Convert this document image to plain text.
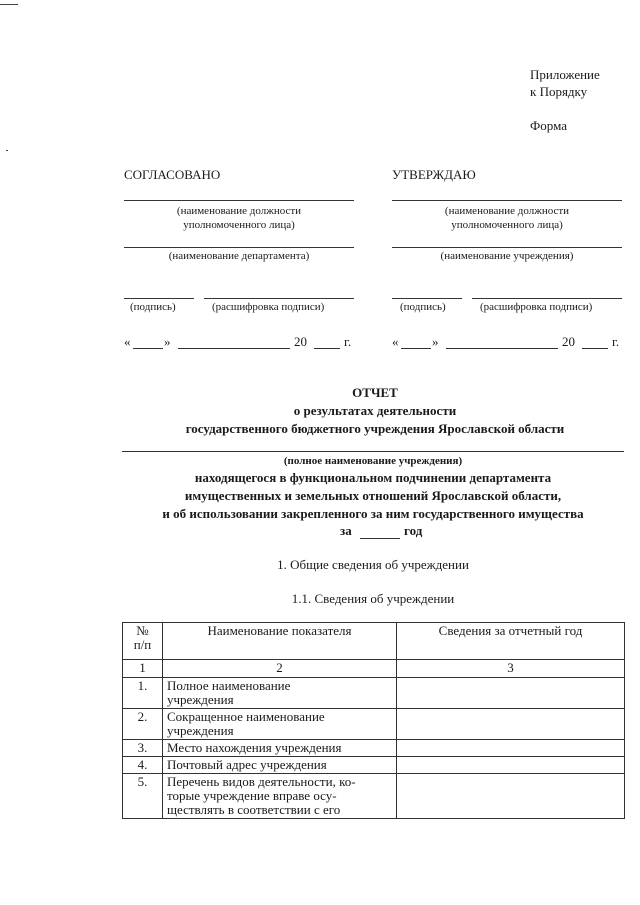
Приложение
к Порядку
Форма
СОГЛАСОВАНО
(наименование должности
уполномоченного лица)
(наименование департамента)
(подпись)	(расшифровка подписи)
«	»	20	г.
УТВЕРЖДАЮ
(наименование должности
уполномоченного лица)
(наименование учреждения)
(подпись)	(расшифровка подписи)
«	»	20	г.
ОТЧЕТ
о результатах деятельности
государственного бюджетного учреждения Ярославской области
(полное наименование учреждения)
находящегося в функциональном подчинении департамента
имущественных и земельных отношений Ярославской области,
и об использовании закрепленного за ним государственного имущества
за	год
1. Общие сведения об учреждении
1.1. Сведения об учреждении
№
п/п	Наименование показателя	Сведения за отчетный год
1	2	3
1.	Полное наименование
учреждения	
2.	Сокращенное наименование
учреждения	
3.	Место нахождения учреждения	
4.	Почтовый адрес учреждения	
5.	Перечень видов деятельности, ко-
торые учреждение вправе осу-
ществлять в соответствии с его	
